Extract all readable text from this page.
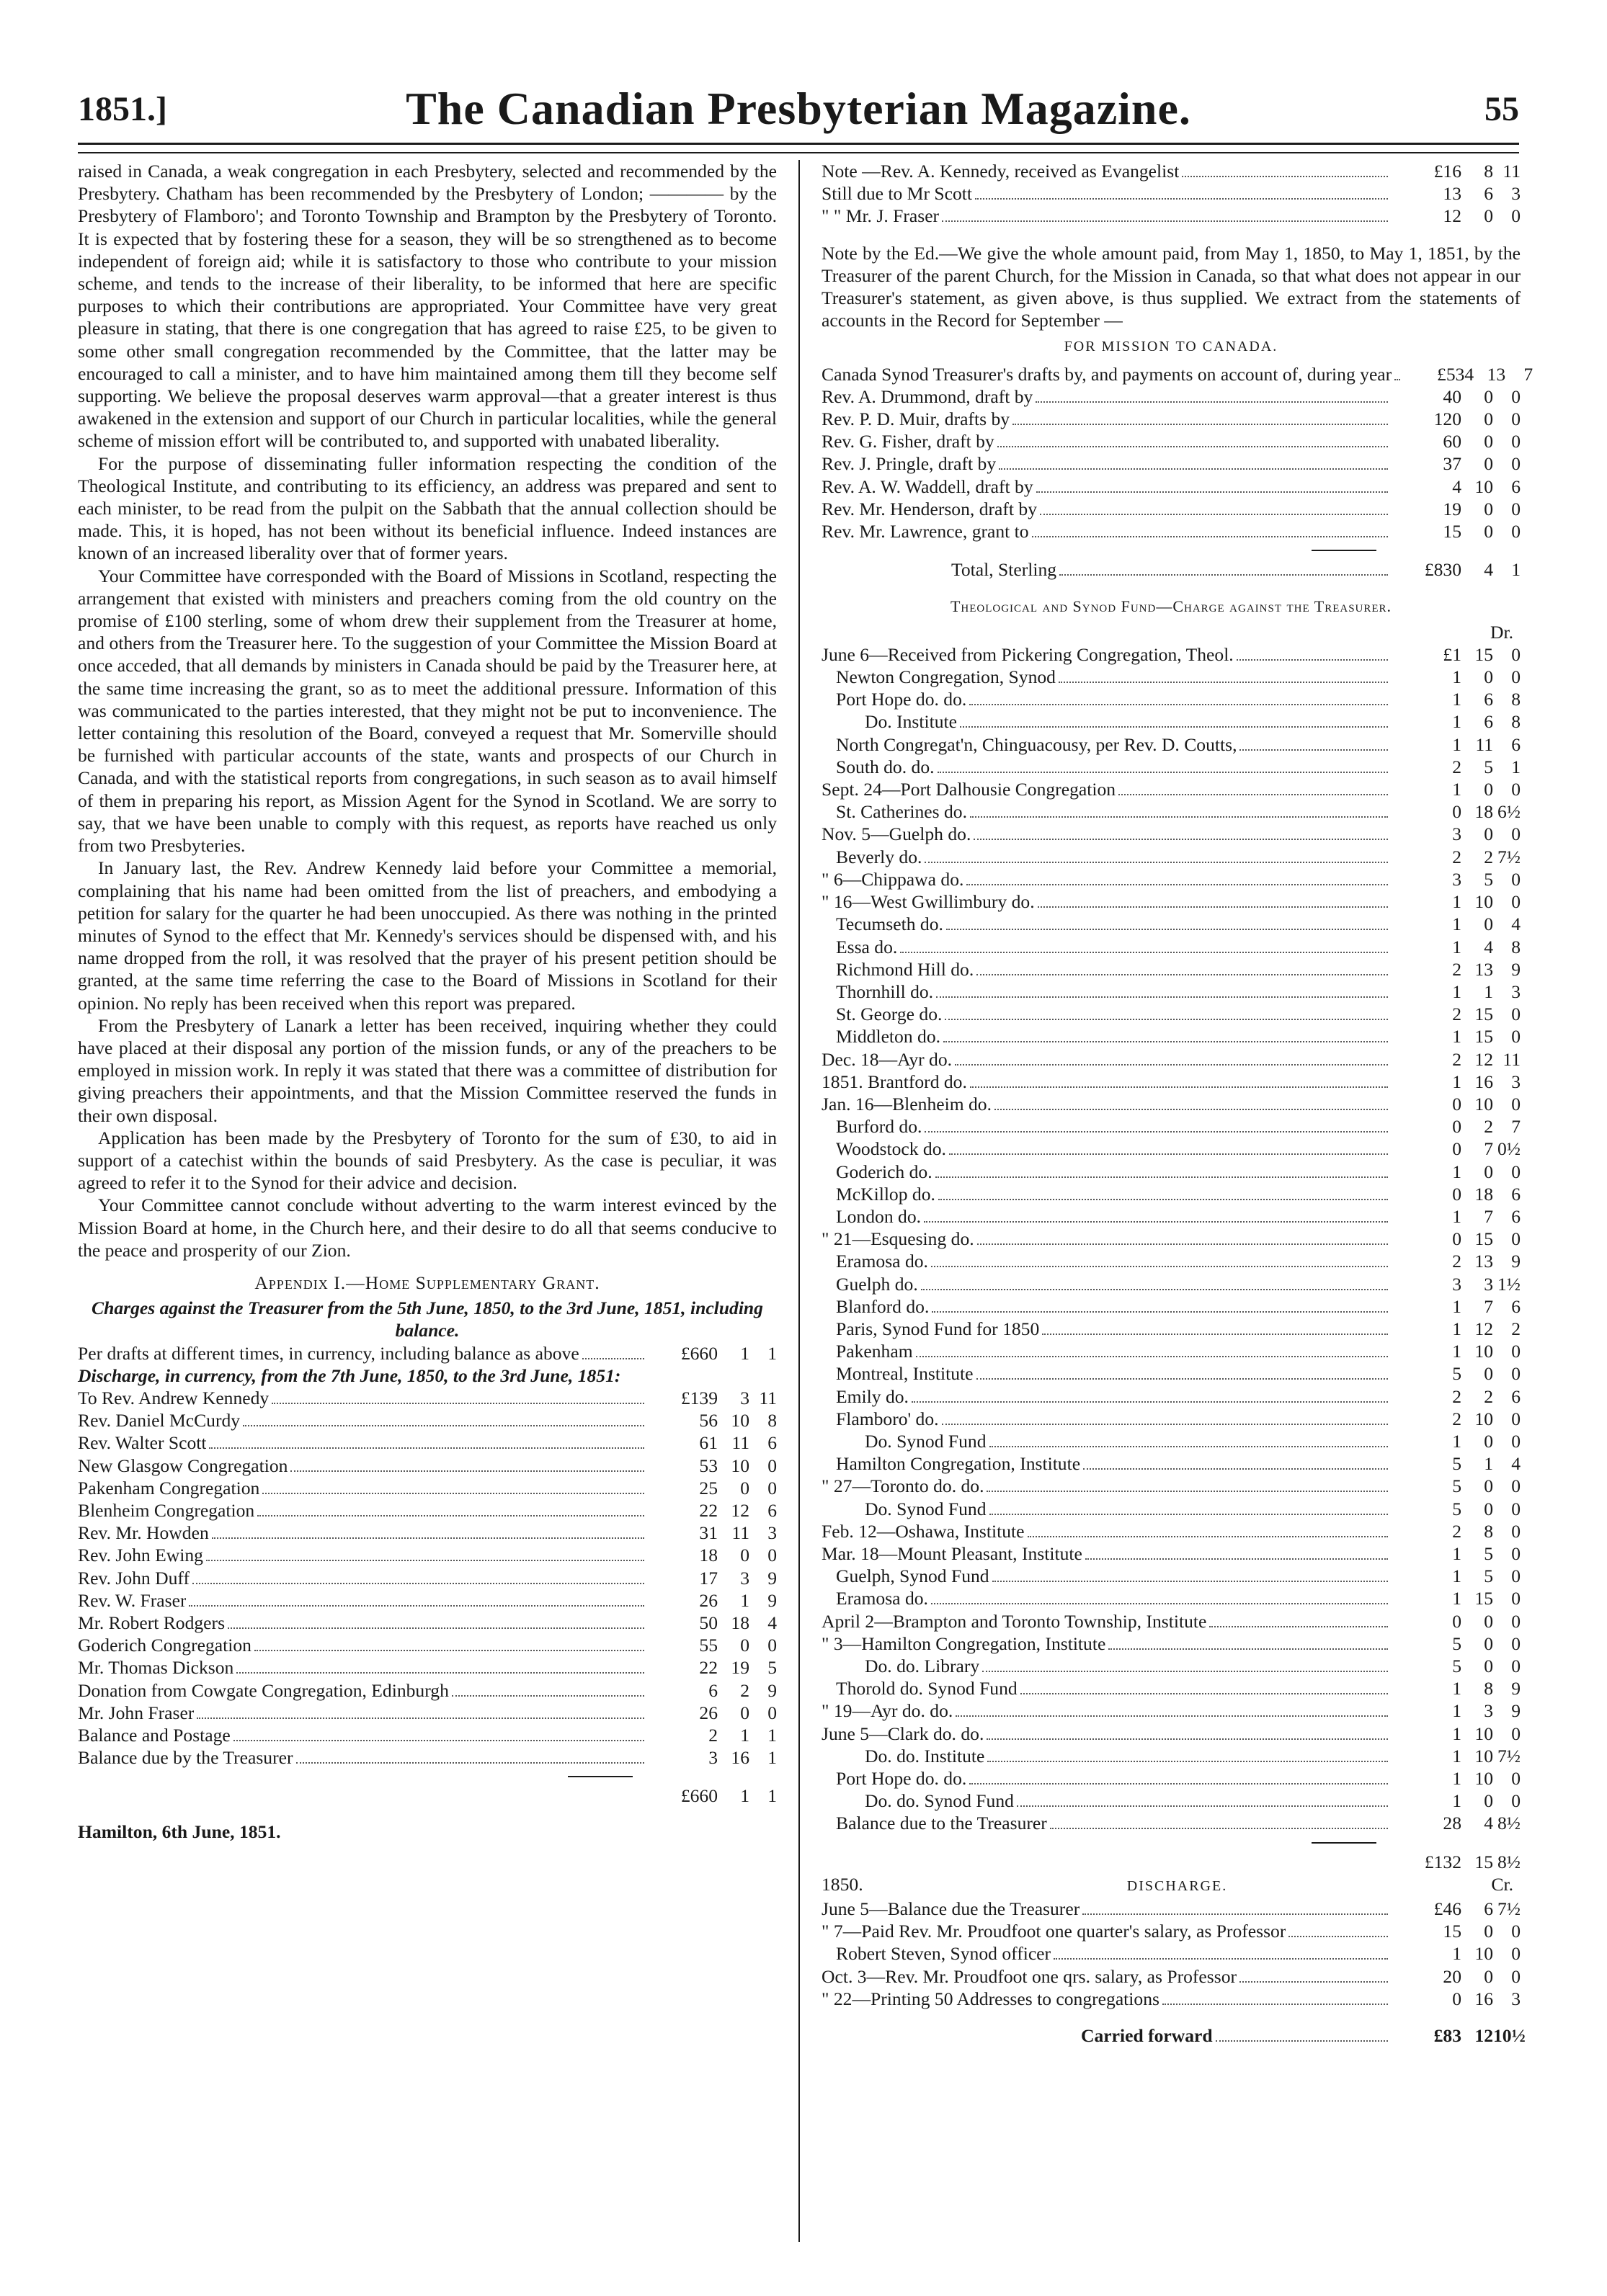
1851.]	The Canadian Presbyterian Magazine.	55

raised in Canada, a weak congregation in each Presbytery, selected and recommended by the Presbytery. Chatham has been recommended by the Presbytery of London; ———— by the Presbytery of Flamboro'; and Toronto Township and Brampton by the Presbytery of Toronto. It is expected that by fostering these for a season, they will be so strengthened as to become independent of foreign aid; while it is satisfactory to those who contribute to your mission scheme, and tends to the increase of their liberality, to be informed that here are specific purposes to which their contributions are appropriated. Your Committee have very great pleasure in stating, that there is one congregation that has agreed to raise £25, to be given to some other small congregation recommended by the Committee, that the latter may be encouraged to call a minister, and to have him maintained among them till they become self supporting. We believe the proposal deserves warm approval—that a greater interest is thus awakened in the extension and support of our Church in particular localities, while the general scheme of mission effort will be contributed to, and supported with unabated liberality.

For the purpose of disseminating fuller information respecting the condition of the Theological Institute, and contributing to its efficiency, an address was prepared and sent to each minister, to be read from the pulpit on the Sabbath that the annual collection should be made. This, it is hoped, has not been without its beneficial influence. Indeed instances are known of an increased liberality over that of former years.

Your Committee have corresponded with the Board of Missions in Scotland, respecting the arrangement that existed with ministers and preachers coming from the old country on the promise of £100 sterling, some of whom drew their supplement from the Treasurer at home, and others from the Treasurer here. To the suggestion of your Committee the Mission Board at once acceded, that all demands by ministers in Canada should be paid by the Treasurer here, at the same time increasing the grant, so as to meet the additional pressure. Information of this was communicated to the parties interested, that they might not be put to inconvenience. The letter containing this resolution of the Board, conveyed a request that Mr. Somerville should be furnished with particular accounts of the state, wants and prospects of our Church in Canada, and with the statistical reports from congregations, in such season as to avail himself of them in preparing his report, as Mission Agent for the Synod in Scotland. We are sorry to say, that we have been unable to comply with this request, as reports have reached us only from two Presbyteries.

In January last, the Rev. Andrew Kennedy laid before your Committee a memorial, complaining that his name had been omitted from the list of preachers, and embodying a petition for salary for the quarter he had been unoccupied. As there was nothing in the printed minutes of Synod to the effect that Mr. Kennedy's services should be dispensed with, and his name dropped from the roll, it was resolved that the prayer of his present petition should be granted, at the same time referring the case to the Board of Missions in Scotland for their opinion. No reply has been received when this report was prepared.

From the Presbytery of Lanark a letter has been received, inquiring whether they could have placed at their disposal any portion of the mission funds, or any of the preachers to be employed in mission work. In reply it was stated that there was a committee of distribution for giving preachers their appointments, and that the Mission Committee reserved the funds in their own disposal.

Application has been made by the Presbytery of Toronto for the sum of £30, to aid in support of a catechist within the bounds of said Presbytery. As the case is peculiar, it was agreed to refer it to the Synod for their advice and decision.

Your Committee cannot conclude without adverting to the warm interest evinced by the Mission Board at home, in the Church here, and their desire to do all that seems conducive to the peace and prosperity of our Zion.

Appendix I.—Home Supplementary Grant.
Charges against the Treasurer from the 5th June, 1850, to the 3rd June, 1851, including balance.
Per drafts at different times, in currency, including balance as above	£660	1 1
Discharge, in currency, from the 7th June, 1850, to the 3rd June, 1851:
To Rev. Andrew Kennedy	£139	3 11
Rev. Daniel McCurdy	56 10 8
Rev. Walter Scott	61 11 6
New Glasgow Congregation	53 10 0
Pakenham Congregation	25	0 0
Blenheim Congregation	22 12 6
Rev. Mr. Howden	31 11 3
Rev. John Ewing	18	0 0
Rev. John Duff	17	3 9
Rev. W. Fraser	26	1 9
Mr. Robert Rodgers	50 18 4
Goderich Congregation	55	0 0
Mr. Thomas Dickson	22 19 5
Donation from Cowgate Congregation, Edinburgh	6	2 9
Mr. John Fraser	26	0 0
Balance and Postage	2	1 1
Balance due by the Treasurer	3 16 1
£660	1 1
Hamilton, 6th June, 1851.
Note —Rev. A. Kennedy, received as Evangelist	£16	8 11
Still due to Mr Scott	13	6 3
" " Mr. J. Fraser	12	0 0

Note by the Ed.—We give the whole amount paid, from May 1, 1850, to May 1, 1851, by the Treasurer of the parent Church, for the Mission in Canada, so that what does not appear in our Treasurer's statement, as given above, is thus supplied. We extract from the statements of accounts in the Record for September —

FOR MISSION TO CANADA.
Canada Synod Treasurer's drafts by, and payments on account of, during year	£534 13 7
Rev. A. Drummond, draft by	40	0 0
Rev. P. D. Muir, drafts by	120	0 0
Rev. G. Fisher, draft by	60	0 0
Rev. J. Pringle, draft by	37	0 0
Rev. A. W. Waddell, draft by	4 10 6
Rev. Mr. Henderson, draft by	19	0 0
Rev. Mr. Lawrence, grant to	15	0 0
Total, Sterling	£830	4 1
Theological and Synod Fund—Charge against the Treasurer.
Dr.
June 6—Received from Pickering Congregation, Theol.	£1 15 0
Newton Congregation, Synod	1	0 0
Port Hope do. do.	1	6 8
Do. Institute	1	6 8
North Congregat'n, Chinguacousy, per Rev. D. Coutts,	1 11 6
South do. do.	2	5 1
Sept. 24—Port Dalhousie Congregation	1	0 0
St. Catherines do.	0 18 6½
Nov. 5—Guelph do.	3	0 0
Beverly do.	2	2 7½
" 6—Chippawa do.	3	5 0
" 16—West Gwillimbury do.	1 10 0
Tecumseth do.	1	0 4
Essa do.	1	4 8
Richmond Hill do.	2 13 9
Thornhill do.	1	1 3
St. George do.	2 15 0
Middleton do.	1 15 0
Dec. 18—Ayr do.	2 12 11
1851. Brantford do.	1 16 3
Jan. 16—Blenheim do.	0 10 0
Burford do.	0	2 7
Woodstock do.	0	7 0½
Goderich do.	1	0 0
McKillop do.	0 18 6
London do.	1	7 6
" 21—Esquesing do.	0 15 0
Eramosa do.	2 13 9
Guelph do.	3	3 1½
Blanford do.	1	7 6
Paris, Synod Fund for 1850	1 12 2
Pakenham	1 10 0
Montreal, Institute	5	0 0
Emily do.	2	2 6
Flamboro' do.	2 10 0
Do. Synod Fund	1	0 0
Hamilton Congregation, Institute	5	1 4
" 27—Toronto do. do.	5	0 0
Do. Synod Fund	5	0 0
Feb. 12—Oshawa, Institute	2	8 0
Mar. 18—Mount Pleasant, Institute	1	5 0
Guelph, Synod Fund	1	5 0
Eramosa do.	1 15 0
April 2—Brampton and Toronto Township, Institute	0	0 0
" 3—Hamilton Congregation, Institute	5	0 0
Do. do. Library	5	0 0
Thorold do. Synod Fund	1	8 9
" 19—Ayr do. do.	1	3 9
June 5—Clark do. do.	1 10 0
Do. do. Institute	1 10 7½
Port Hope do. do.	1 10 0
Do. do. Synod Fund	1	0 0
Balance due to the Treasurer	28	4 8½
£132 15 8½
1850.	DISCHARGE.	Cr.
June 5—Balance due the Treasurer	£46	6 7½
" 7—Paid Rev. Mr. Proudfoot one quarter's salary, as Professor	15	0 0
Robert Steven, Synod officer	1 10 0
Oct. 3—Rev. Mr. Proudfoot one qrs. salary, as Professor	20	0 0
" 22—Printing 50 Addresses to congregations	0 16 3
Carried forward	£83 12 10½
